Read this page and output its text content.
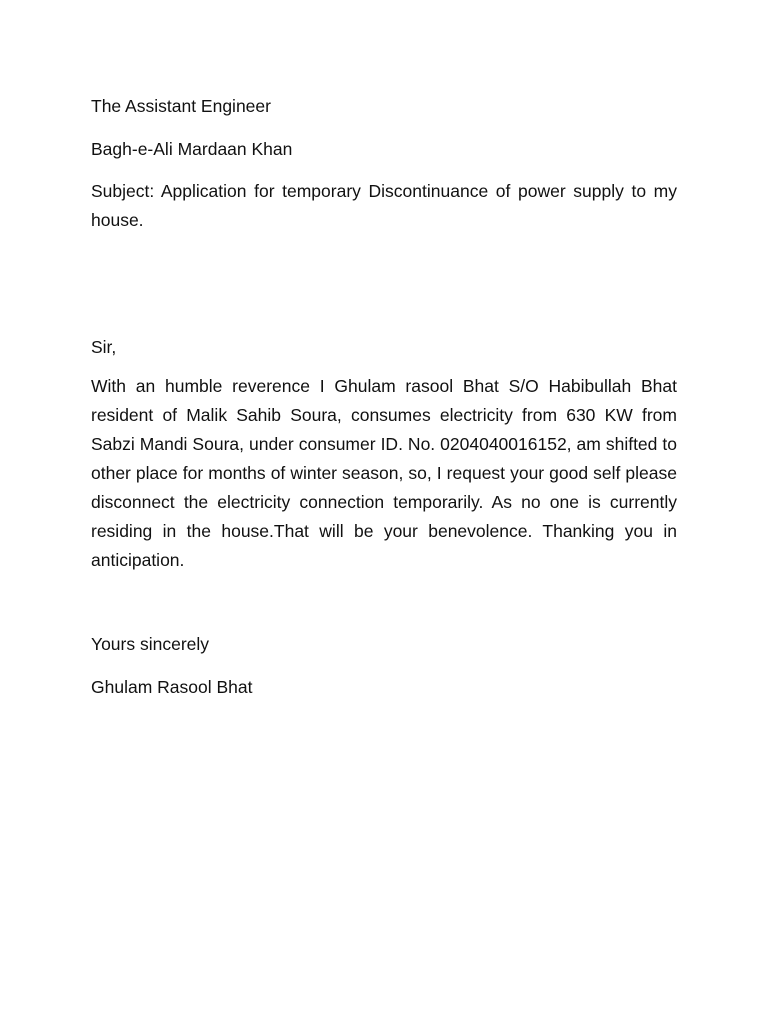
The Assistant Engineer

Bagh-e-Ali Mardaan Khan

Subject: Application for temporary Discontinuance of power supply to my house.

Sir,

With an humble reverence I Ghulam rasool Bhat S/O Habibullah Bhat resident of Malik Sahib Soura, consumes electricity from 630 KW from Sabzi Mandi Soura, under consumer ID. No. 0204040016152, am shifted to other place for months of winter season, so, I request your good self please disconnect the electricity connection temporarily. As no one is currently residing in the house.That will be your benevolence. Thanking you in anticipation.

Yours sincerely

Ghulam Rasool Bhat
